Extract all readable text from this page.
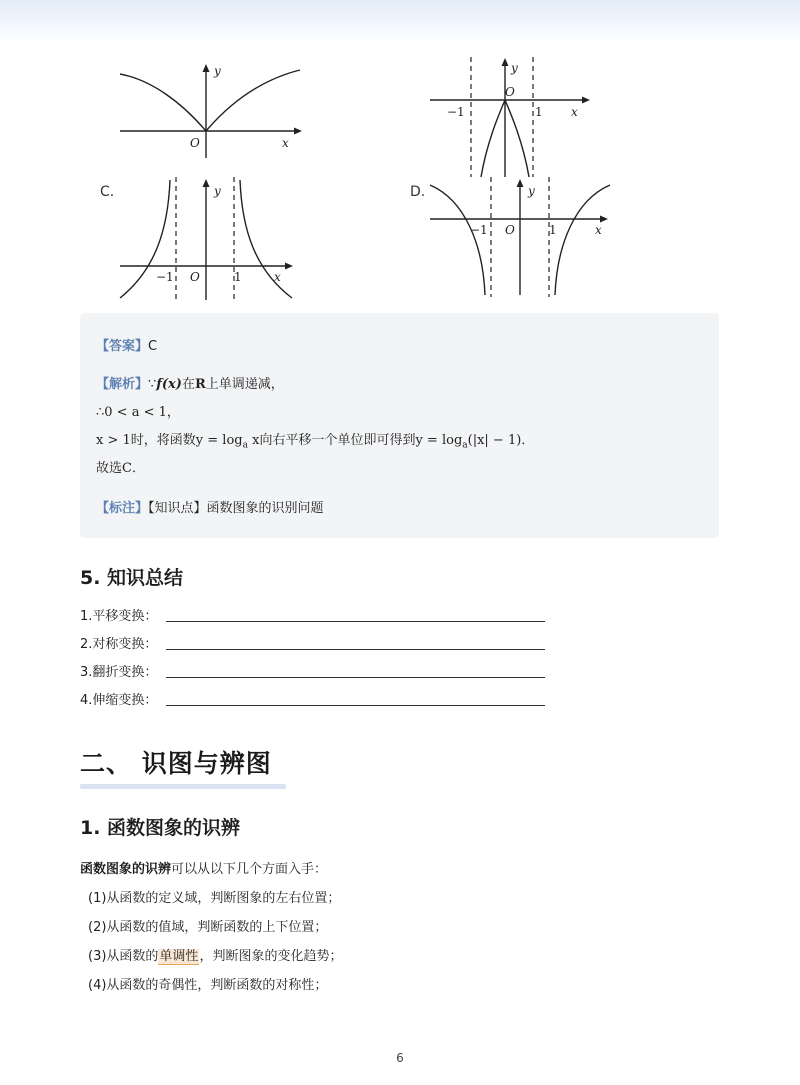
y
O	x
y
O
−1	1 x
C.	y
O
−1	1	x
D.	y
O
−1	1	x
【答案】C
【解析】∵f(x)在R上单调递减，
∴0 < a < 1，
x > 1时，将函数$y = \log_a x$向右平移一个单位即可得到$y = \log_a(|x| - 1)$．
故选C．
【标注】【知识点】函数图象的识别问题
5. 知识总结
1.平移变换：
2.对称变换：
3.翻折变换：
4.伸缩变换：
二、 识图与辨图
1. 函数图象的识辨
函数图象的识辨可以从以下几个方面入手：
(1)从函数的定义域，判断图象的左右位置；
(2)从函数的值域，判断函数的上下位置；
(3)从函数的单调性，判断图象的变化趋势；
(4)从函数的奇偶性，判断函数的对称性；
6
